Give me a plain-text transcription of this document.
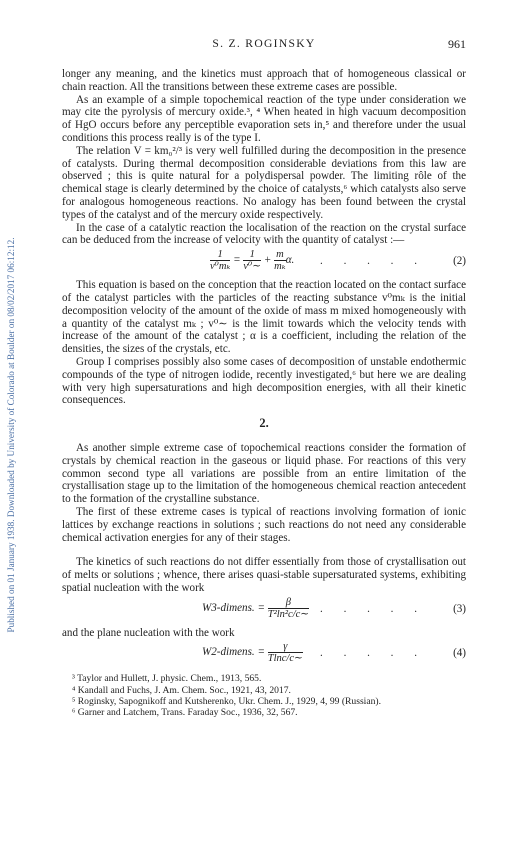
Published on 01 January 1938. Downloaded by University of Colorado at Boulder on 08/02/2017 06:12:12.
S. Z. ROGINSKY	961

longer any meaning, and the kinetics must approach that of homogeneous classical or chain reaction. All the transitions between these extreme cases are possible.

As an example of a simple topochemical reaction of the type under consideration we may cite the pyrolysis of mercury oxide.³, ⁴ When heated in high vacuum decomposition of HgO occurs before any perceptible evaporation sets in,⁵ and therefore under the usual conditions this process really is of the type I.

The relation V = km₀²/³ is very well fulfilled during the decomposition in the presence of catalysts. During thermal decomposition considerable deviations from this law are observed ; this is quite natural for a polydispersal powder. The limiting rôle of the chemical stage is clearly determined by the choice of catalysts,⁶ which catalysts also serve for analogous homogeneous reactions. No analogy has been found between the crystal types of the catalyst and of the mercury oxide respectively.

In the case of a catalytic reaction the localisation of the reaction on the crystal surface can be deduced from the increase of velocity with the quantity of catalyst :—

$\frac{1}{\text{v⁰mₖ}} = \frac{1}{\text{v⁰∼}} + \frac{m}{\text{mₖ}} \alpha$. . . . . . (2)

This equation is based on the conception that the reaction located on the contact surface of the catalyst particles with the particles of the reacting substance v⁰mₖ is the initial decomposition velocity of the amount of the oxide of mass m mixed homogeneously with a quantity of the catalyst mₖ ; v⁰∼ is the limit towards which the velocity tends with increase of the amount of the catalyst ; α is a coefficient, including the relation of the densities, the sizes of the crystals, etc.

Group I comprises possibly also some cases of decomposition of unstable endothermic compounds of the type of nitrogen iodide, recently investigated,⁶ but here we are dealing with very high supersaturations and high decomposition energies, with all their kinetic consequences.

2.

As another simple extreme case of topochemical reactions consider the formation of crystals by chemical reaction in the gaseous or liquid phase. For reactions of this very common second type all variations are possible from an entire limitation of the crystallisation stage up to the limitation of the homogeneous chemical reaction antecedent to the formation of the crystalline substance.

The first of these extreme cases is typical of reactions involving formation of ionic lattices by exchange reactions in solutions ; such reactions do not need any considerable chemical activation energies for any of their stages.

The kinetics of such reactions do not differ essentially from those of crystallisation out of melts or solutions ; whence, there arises quasi-stable supersaturated systems, exhibiting spatial nucleation with the work

W3-dimens. = $\frac{\beta}{\text{T²ln²c/c∼}}$ . . . . . (3)

and the plane nucleation with the work

W2-dimens. = $\frac{\gamma}{Tlnc/c\sim}$ . . . . . (4)

³ Taylor and Hullett, J. physic. Chem., 1913, 565.

⁴ Kandall and Fuchs, J. Am. Chem. Soc., 1921, 43, 2017.

⁵ Roginsky, Sapognikoff and Kutsherenko, Ukr. Chem. J., 1929, 4, 99 (Russian).

⁶ Garner and Latchem, Trans. Faraday Soc., 1936, 32, 567.
